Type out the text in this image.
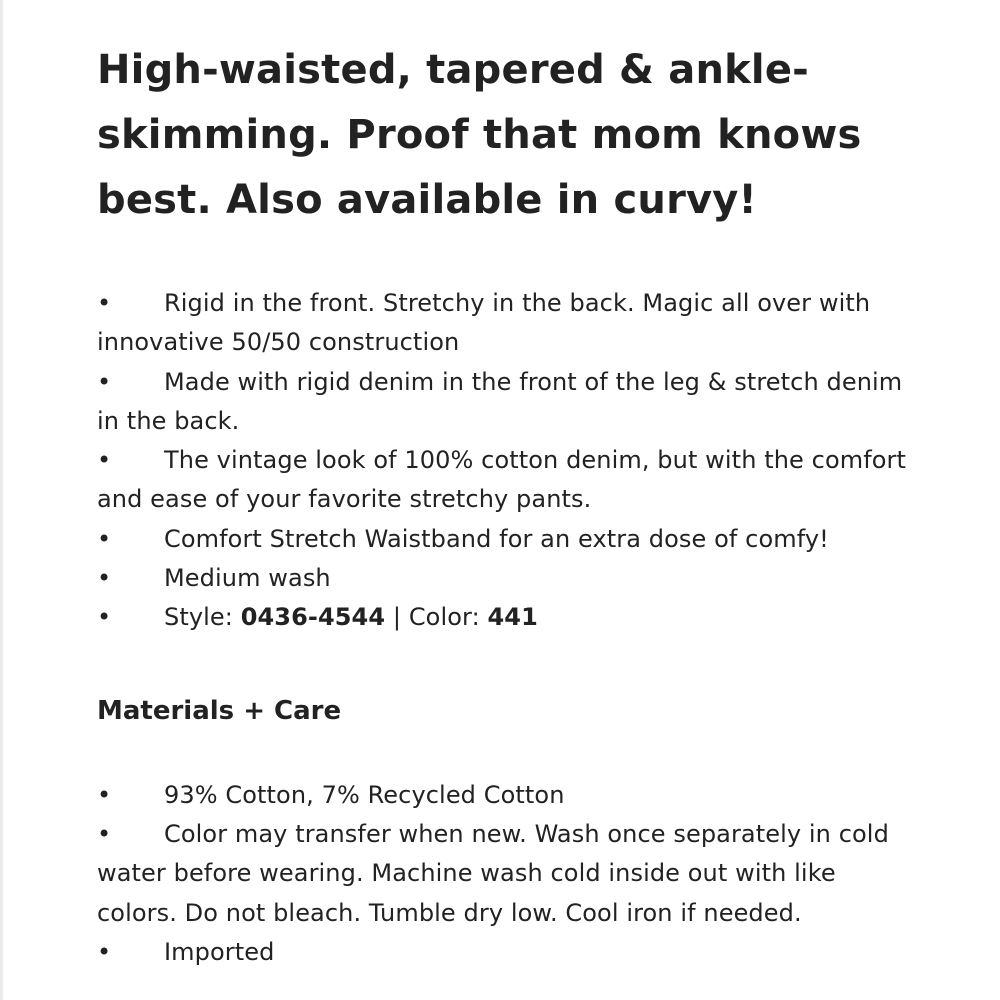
High-waisted, tapered & ankle-skimming. Proof that mom knows best. Also available in curvy!
• Rigid in the front. Stretchy in the back. Magic all over with innovative 50/50 construction
• Made with rigid denim in the front of the leg & stretch denim in the back.
• The vintage look of 100% cotton denim, but with the comfort and ease of your favorite stretchy pants.
• Comfort Stretch Waistband for an extra dose of comfy!
• Medium wash
• Style: 0436-4544 | Color: 441
Materials + Care
• 93% Cotton, 7% Recycled Cotton
• Color may transfer when new. Wash once separately in cold water before wearing. Machine wash cold inside out with like colors. Do not bleach. Tumble dry low. Cool iron if needed.
• Imported
